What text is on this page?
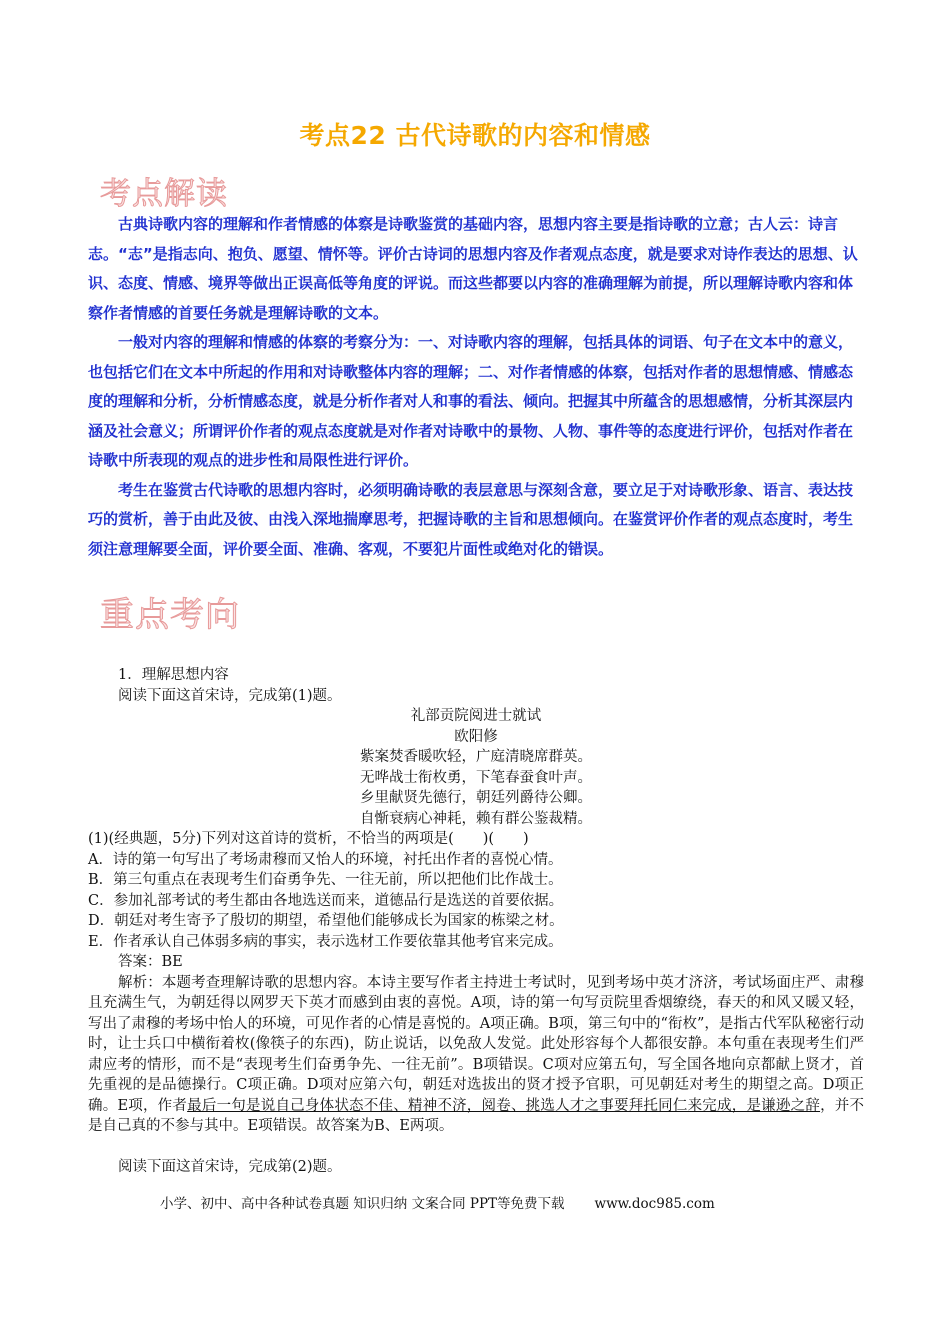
考点22 古代诗歌的内容和情感
考点解读

古典诗歌内容的理解和作者情感的体察是诗歌鉴赏的基础内容，思想内容主要是指诗歌的立意；古人云：诗言志。“志”是指志向、抱负、愿望、情怀等。评价古诗词的思想内容及作者观点态度，就是要求对诗作表达的思想、认识、态度、情感、境界等做出正误高低等角度的评说。而这些都要以内容的准确理解为前提，所以理解诗歌内容和体察作者情感的首要任务就是理解诗歌的文本。

一般对内容的理解和情感的体察的考察分为：一、对诗歌内容的理解，包括具体的词语、句子在文本中的意义，也包括它们在文本中所起的作用和对诗歌整体内容的理解；二、对作者情感的体察，包括对作者的思想情感、情感态度的理解和分析，分析情感态度，就是分析作者对人和事的看法、倾向。把握其中所蕴含的思想感情，分析其深层内涵及社会意义；所谓评价作者的观点态度就是对作者对诗歌中的景物、人物、事件等的态度进行评价，包括对作者在诗歌中所表现的观点的进步性和局限性进行评价。

考生在鉴赏古代诗歌的思想内容时，必须明确诗歌的表层意思与深刻含意，要立足于对诗歌形象、语言、表达技巧的赏析，善于由此及彼、由浅入深地揣摩思考，把握诗歌的主旨和思想倾向。在鉴赏评价作者的观点态度时，考生须注意理解要全面，评价要全面、准确、客观，不要犯片面性或绝对化的错误。

重点考向

1．理解思想内容

阅读下面这首宋诗，完成第(1)题。

礼部贡院阅进士就试
欧阳修
紫案焚香暖吹轻，广庭清晓席群英。
无哗战士衔枚勇，下笔春蚕食叶声。
乡里献贤先德行，朝廷列爵待公卿。
自惭衰病心神耗，赖有群公鉴裁精。

(1)(经典题，5分)下列对这首诗的赏析，不恰当的两项是(　　)(　　)

A．诗的第一句写出了考场肃穆而又怡人的环境，衬托出作者的喜悦心情。

B．第三句重点在表现考生们奋勇争先、一往无前，所以把他们比作战士。

C．参加礼部考试的考生都由各地选送而来，道德品行是选送的首要依据。

D．朝廷对考生寄予了殷切的期望，希望他们能够成长为国家的栋梁之材。

E．作者承认自己体弱多病的事实，表示选材工作要依靠其他考官来完成。

答案：BE

解析：本题考查理解诗歌的思想内容。本诗主要写作者主持进士考试时，见到考场中英才济济，考试场面庄严、肃穆且充满生气，为朝廷得以网罗天下英才而感到由衷的喜悦。A项，诗的第一句写贡院里香烟缭绕，春天的和风又暖又轻，写出了肃穆的考场中怡人的环境，可见作者的心情是喜悦的。A项正确。B项，第三句中的“衔枚”，是指古代军队秘密行动时，让士兵口中横衔着枚(像筷子的东西)，防止说话，以免敌人发觉。此处形容每个人都很安静。本句重在表现考生们严肃应考的情形，而不是“表现考生们奋勇争先、一往无前”。B项错误。C项对应第五句，写全国各地向京都献上贤才，首先重视的是品德操行。C项正确。D项对应第六句，朝廷对选拔出的贤才授予官职，可见朝廷对考生的期望之高。D项正确。E项，作者最后一句是说自己身体状态不佳、精神不济，阅卷、挑选人才之事要拜托同仁来完成，是谦逊之辞，并不是自己真的不参与其中。E项错误。故答案为B、E两项。

阅读下面这首宋诗，完成第(2)题。

小学、初中、高中各种试卷真题 知识归纳 文案合同 PPT等免费下载 www.doc985.com
